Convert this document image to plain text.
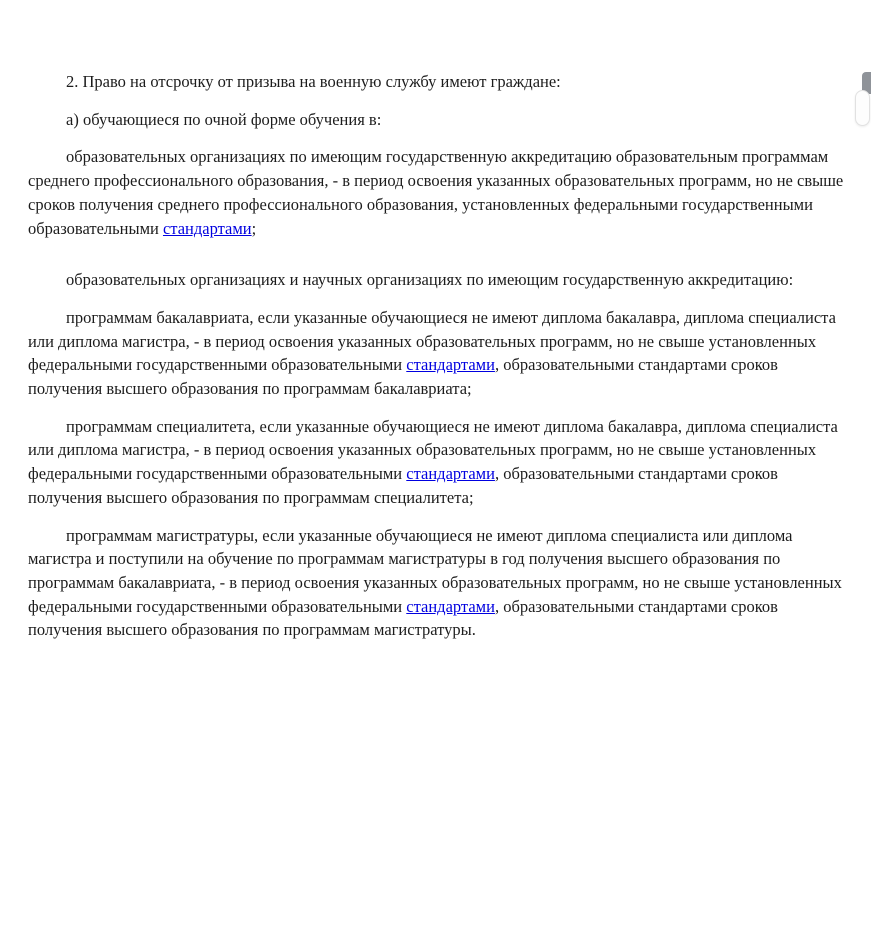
2. Право на отсрочку от призыва на военную службу имеют граждане:

а) обучающиеся по очной форме обучения в:

образовательных организациях по имеющим государственную аккредитацию образовательным программам среднего профессионального образования, - в период освоения указанных образовательных программ, но не свыше сроков получения среднего профессионального образования, установленных федеральными государственными образовательными стандартами;

образовательных организациях и научных организациях по имеющим государственную аккредитацию:

программам бакалавриата, если указанные обучающиеся не имеют диплома бакалавра, диплома специалиста или диплома магистра, - в период освоения указанных образовательных программ, но не свыше установленных федеральными государственными образовательными стандартами, образовательными стандартами сроков получения высшего образования по программам бакалавриата;

программам специалитета, если указанные обучающиеся не имеют диплома бакалавра, диплома специалиста или диплома магистра, - в период освоения указанных образовательных программ, но не свыше установленных федеральными государственными образовательными стандартами, образовательными стандартами сроков получения высшего образования по программам специалитета;

программам магистратуры, если указанные обучающиеся не имеют диплома специалиста или диплома магистра и поступили на обучение по программам магистратуры в год получения высшего образования по программам бакалавриата, - в период освоения указанных образовательных программ, но не свыше установленных федеральными государственными образовательными стандартами, образовательными стандартами сроков получения высшего образования по программам магистратуры.
